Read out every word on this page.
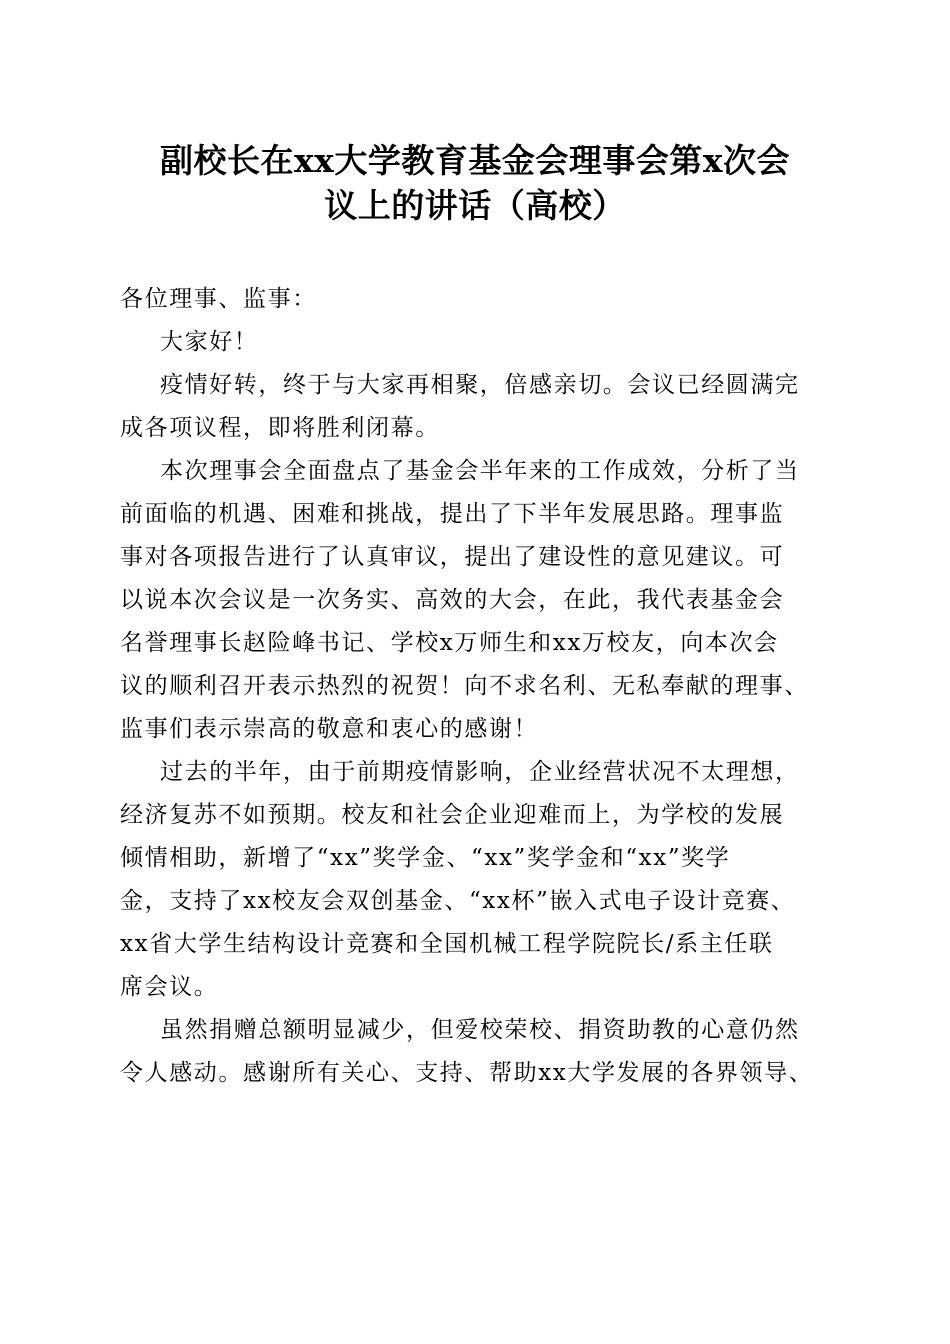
副校长在xx大学教育基金会理事会第x次会
议上的讲话（高校）
各位理事、监事：
大家好！
疫情好转，终于与大家再相聚，倍感亲切。会议已经圆满完
成各项议程，即将胜利闭幕。
本次理事会全面盘点了基金会半年来的工作成效，分析了当
前面临的机遇、困难和挑战，提出了下半年发展思路。理事监
事对各项报告进行了认真审议，提出了建设性的意见建议。可
以说本次会议是一次务实、高效的大会，在此，我代表基金会
名誉理事长赵险峰书记、学校x万师生和xx万校友，向本次会
议的顺利召开表示热烈的祝贺！向不求名利、无私奉献的理事、
监事们表示崇高的敬意和衷心的感谢！
过去的半年，由于前期疫情影响，企业经营状况不太理想，
经济复苏不如预期。校友和社会企业迎难而上，为学校的发展
倾情相助，新增了“xx”奖学金、“xx”奖学金和“xx”奖学
金，支持了xx校友会双创基金、“xx杯”嵌入式电子设计竞赛、
xx省大学生结构设计竞赛和全国机械工程学院院长/系主任联
席会议。
虽然捐赠总额明显减少，但爱校荣校、捐资助教的心意仍然
令人感动。感谢所有关心、支持、帮助xx大学发展的各界领导、
